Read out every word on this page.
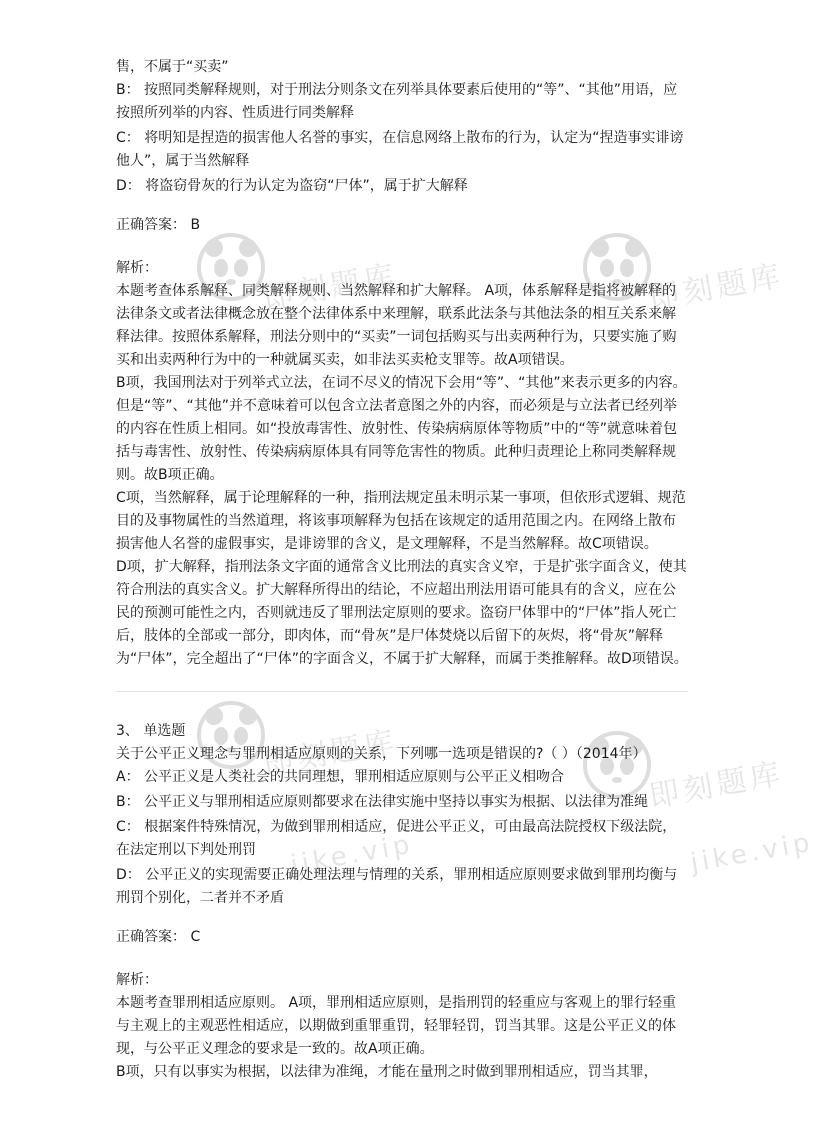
即刻题库	即刻题库
即刻题库
即刻题库
jike.vip	jike.vip

售，不属于“买卖”

B： 按照同类解释规则，对于刑法分则条文在列举具体要素后使用的“等”、“其他”用语，应按照所列举的内容、性质进行同类解释

C： 将明知是捏造的损害他人名誉的事实，在信息网络上散布的行为，认定为“捏造事实诽谤他人”，属于当然解释

D： 将盗窃骨灰的行为认定为盗窃“尸体”，属于扩大解释

正确答案： B

解析：

本题考查体系解释、同类解释规则、当然解释和扩大解释。 A项，体系解释是指将被解释的法律条文或者法律概念放在整个法律体系中来理解，联系此法条与其他法条的相互关系来解释法律。按照体系解释，刑法分则中的“买卖”一词包括购买与出卖两种行为，只要实施了购买和出卖两种行为中的一种就属买卖，如非法买卖枪支罪等。故A项错误。

B项，我国刑法对于列举式立法，在词不尽义的情况下会用“等”、“其他”来表示更多的内容。但是“等”、“其他”并不意味着可以包含立法者意图之外的内容，而必须是与立法者已经列举的内容在性质上相同。如“投放毒害性、放射性、传染病病原体等物质”中的“等”就意味着包括与毒害性、放射性、传染病病原体具有同等危害性的物质。此种归责理论上称同类解释规则。故B项正确。

C项，当然解释，属于论理解释的一种，指刑法规定虽未明示某一事项，但依形式逻辑、规范目的及事物属性的当然道理，将该事项解释为包括在该规定的适用范围之内。在网络上散布损害他人名誉的虚假事实，是诽谤罪的含义，是文理解释，不是当然解释。故C项错误。

D项，扩大解释，指刑法条文字面的通常含义比刑法的真实含义窄，于是扩张字面含义，使其符合刑法的真实含义。扩大解释所得出的结论，不应超出刑法用语可能具有的含义，应在公民的预测可能性之内，否则就违反了罪刑法定原则的要求。盗窃尸体罪中的“尸体”指人死亡后，肢体的全部或一部分，即肉体，而“骨灰”是尸体焚烧以后留下的灰烬，将“骨灰”解释为“尸体”，完全超出了“尸体”的字面含义，不属于扩大解释，而属于类推解释。故D项错误。

3、 单选题

关于公平正义理念与罪刑相适应原则的关系，下列哪一选项是错误的?（ ）（2014年）

A： 公平正义是人类社会的共同理想，罪刑相适应原则与公平正义相吻合

B： 公平正义与罪刑相适应原则都要求在法律实施中坚持以事实为根据、以法律为准绳

C： 根据案件特殊情况，为做到罪刑相适应，促进公平正义，可由最高法院授权下级法院，在法定刑以下判处刑罚

D： 公平正义的实现需要正确处理法理与情理的关系，罪刑相适应原则要求做到罪刑均衡与刑罚个别化，二者并不矛盾

正确答案： C

解析：

本题考查罪刑相适应原则。 A项，罪刑相适应原则，是指刑罚的轻重应与客观上的罪行轻重与主观上的主观恶性相适应，以期做到重罪重罚，轻罪轻罚，罚当其罪。这是公平正义的体现，与公平正义理念的要求是一致的。故A项正确。

B项，只有以事实为根据，以法律为准绳，才能在量刑之时做到罪刑相适应，罚当其罪，
